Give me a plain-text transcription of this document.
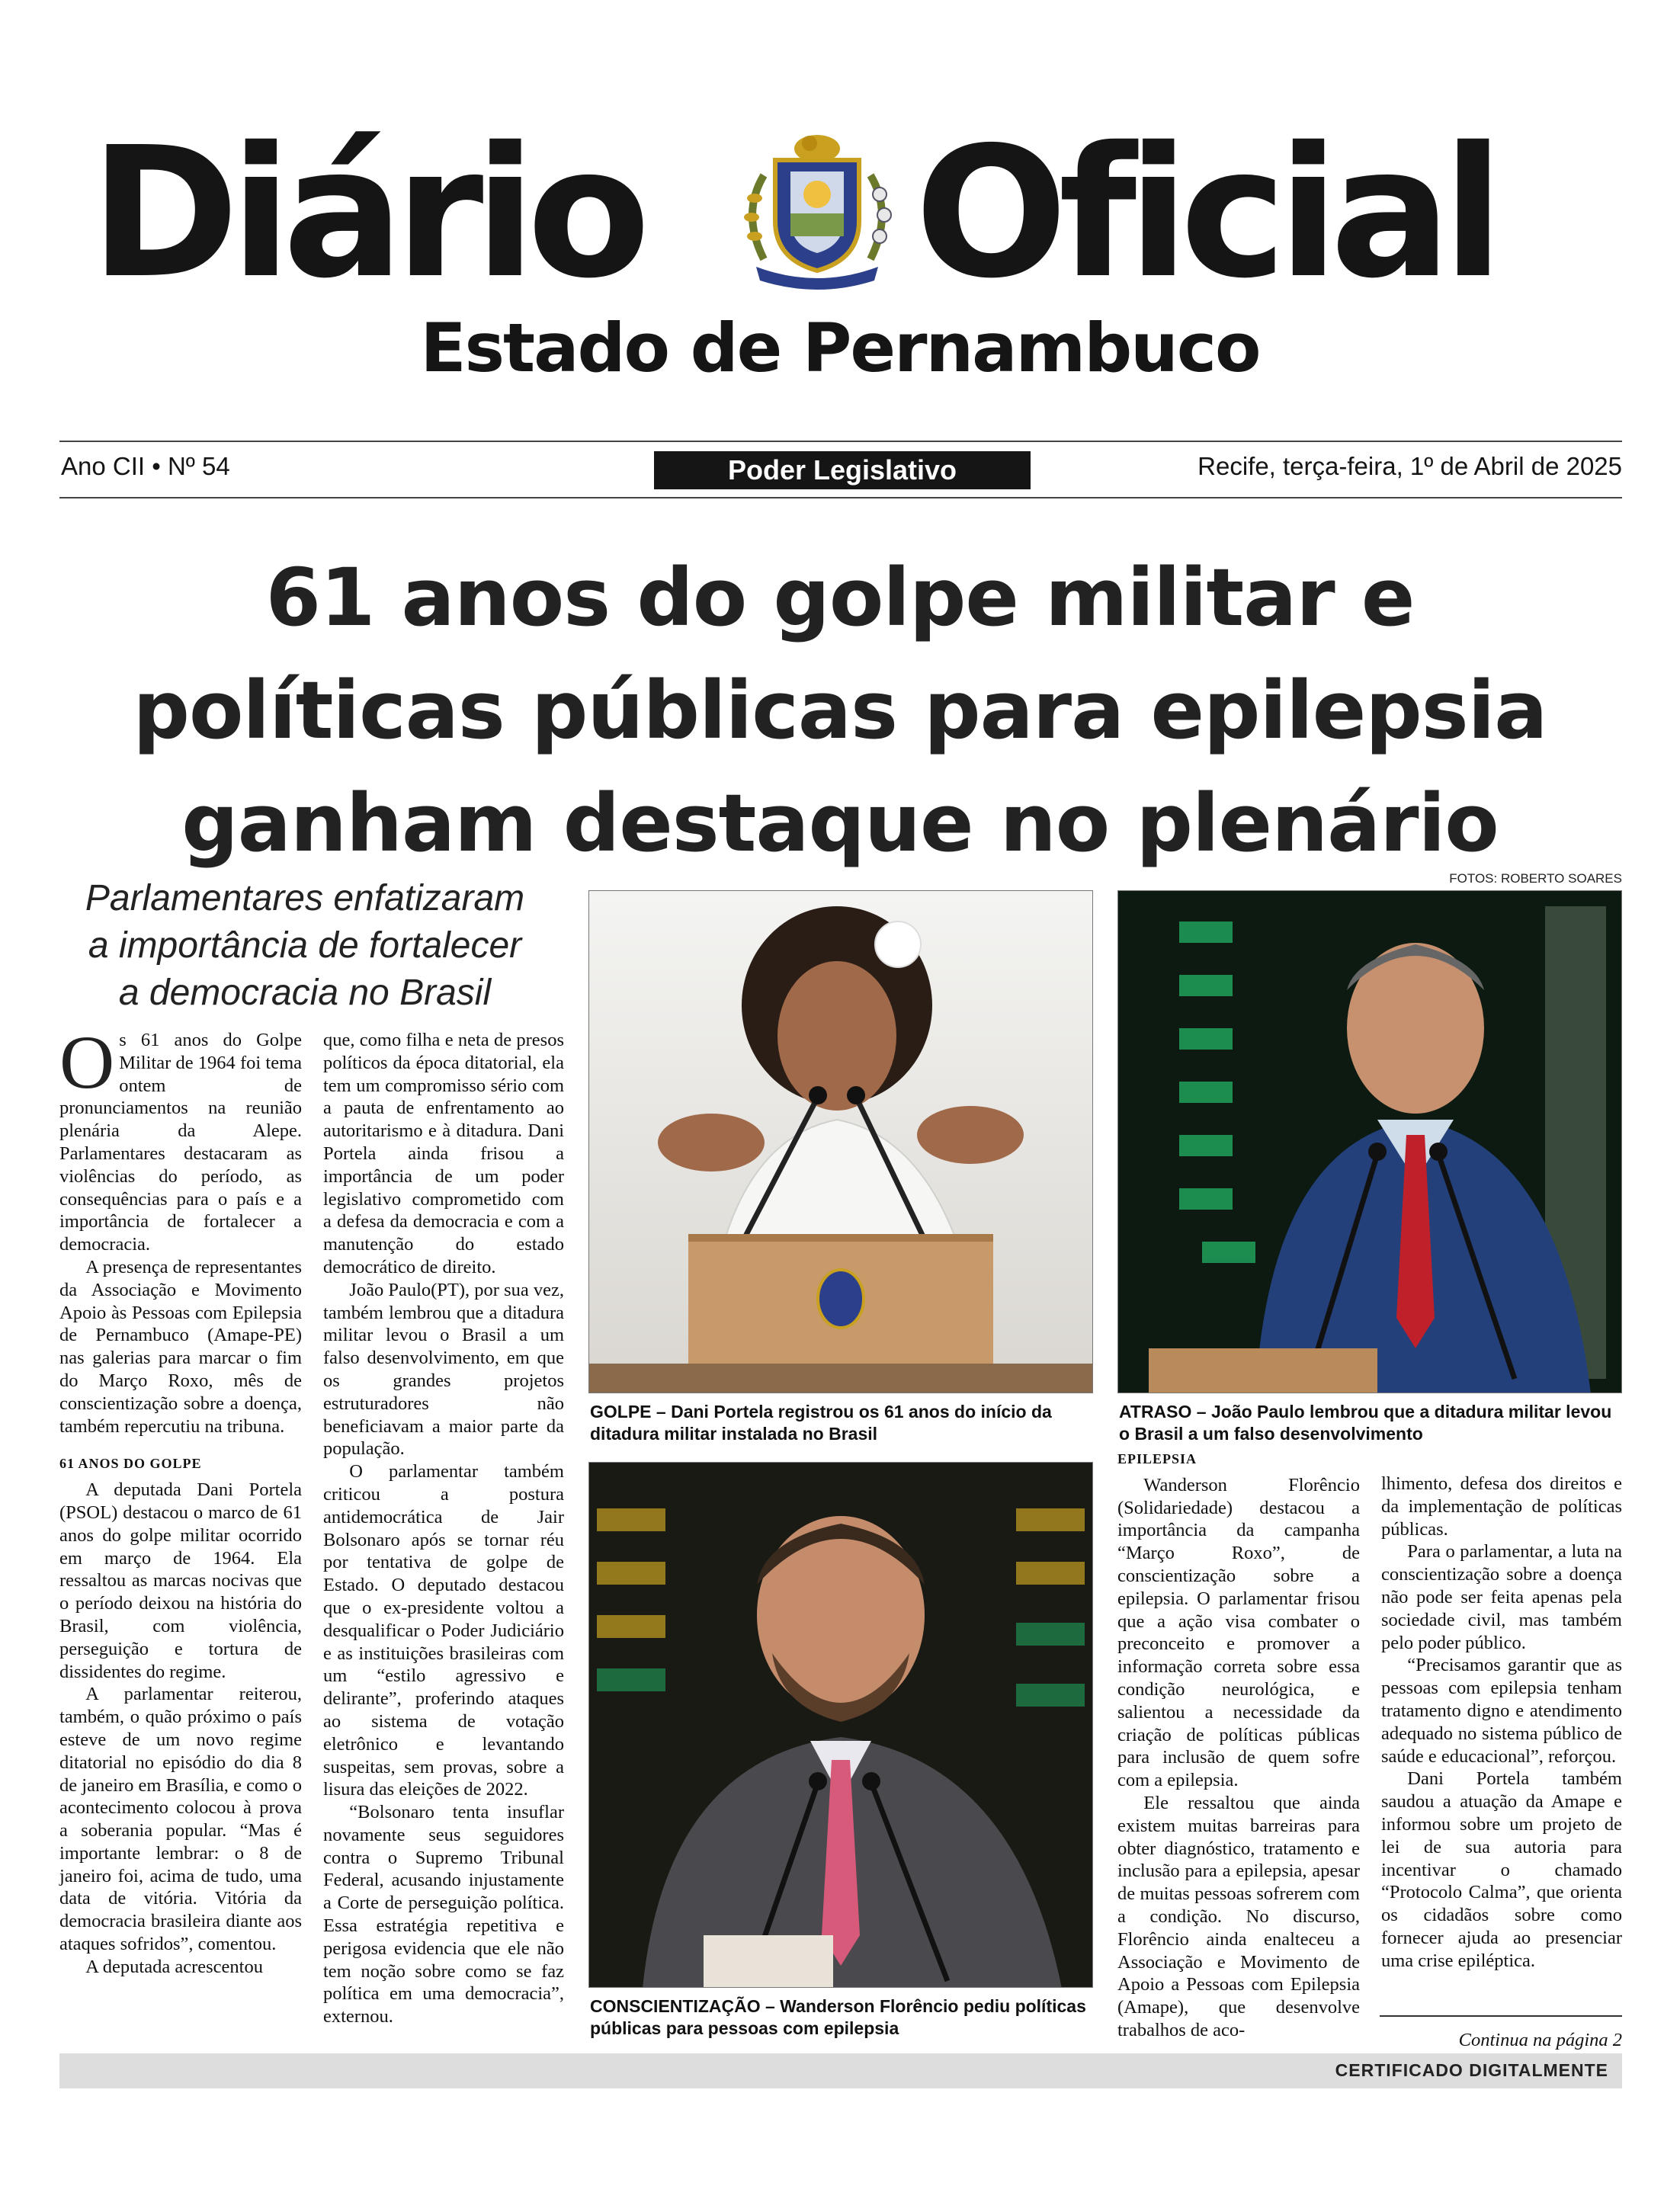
Diário Oficial
Estado de Pernambuco
Ano CII • Nº 54	Poder Legislativo	Recife, terça-feira, 1º de Abril de 2025
61 anos do golpe militar e
políticas públicas para epilepsia
ganham destaque no plenário
FOTOS: ROBERTO SOARES
Parlamentares enfatizaram
a importância de fortalecer
a democracia no Brasil

Os 61 anos do Golpe Militar de 1964 foi tema ontem de pronunciamentos na reunião plenária da Alepe. Parlamentares destacaram as violências do período, as consequências para o país e a importância de fortalecer a democracia.

A presença de representantes da Associação e Movimento Apoio às Pessoas com Epilepsia de Pernambuco (Amape-PE) nas galerias para marcar o fim do Março Roxo, mês de conscientização sobre a doença, também repercutiu na tribuna.

61 ANOS DO GOLPE

A deputada Dani Portela (PSOL) destacou o marco de 61 anos do golpe militar ocorrido em março de 1964. Ela ressaltou as marcas nocivas que o período deixou na história do Brasil, com violência, perseguição e tortura de dissidentes do regime.

A parlamentar reiterou, também, o quão próximo o país esteve de um novo regime ditatorial no episódio do dia 8 de janeiro em Brasília, e como o acontecimento colocou à prova a soberania popular. “Mas é importante lembrar: o 8 de janeiro foi, acima de tudo, uma data de vitória. Vitória da democracia brasileira diante aos ataques sofridos”, comentou.

A deputada acrescentou

que, como filha e neta de presos políticos da época ditatorial, ela tem um compromisso sério com a pauta de enfrentamento ao autoritarismo e à ditadura. Dani Portela ainda frisou a importância de um poder legislativo comprometido com a defesa da democracia e com a manutenção do estado democrático de direito.

João Paulo(PT), por sua vez, também lembrou que a ditadura militar levou o Brasil a um falso desenvolvimento, em que os grandes projetos estruturadores não beneficiavam a maior parte da população.

O parlamentar também criticou a postura antidemocrática de Jair Bolsonaro após se tornar réu por tentativa de golpe de Estado. O deputado destacou que o ex-presidente voltou a desqualificar o Poder Judiciário e as instituições brasileiras com um “estilo agressivo e delirante”, proferindo ataques ao sistema de votação eletrônico e levantando suspeitas, sem provas, sobre a lisura das eleições de 2022.

“Bolsonaro tenta insuflar novamente seus seguidores contra o Supremo Tribunal Federal, acusando injustamente a Corte de perseguição política. Essa estratégia repetitiva e perigosa evidencia que ele não tem noção sobre como se faz política em uma democracia”, externou.

GOLPE – Dani Portela registrou os 61 anos do início da ditadura militar instalada no Brasil
ATRASO – João Paulo lembrou que a ditadura militar levou o Brasil a um falso desenvolvimento
CONSCIENTIZAÇÃO – Wanderson Florêncio pediu políticas públicas para pessoas com epilepsia
EPILEPSIA

Wanderson Florêncio (Solidariedade) destacou a importância da campanha “Março Roxo”, de conscientização sobre a epilepsia. O parlamentar frisou que a ação visa combater o preconceito e promover a informação correta sobre essa condição neurológica, e salientou a necessidade da criação de políticas públicas para inclusão de quem sofre com a epilepsia.

Ele ressaltou que ainda existem muitas barreiras para obter diagnóstico, tratamento e inclusão para a epilepsia, apesar de muitas pessoas sofrerem com a condição. No discurso, Florêncio ainda enalteceu a Associação e Movimento de Apoio a Pessoas com Epilepsia (Amape), que desenvolve trabalhos de aco-

lhimento, defesa dos direitos e da implementação de políticas públicas.

Para o parlamentar, a luta na conscientização sobre a doença não pode ser feita apenas pela sociedade civil, mas também pelo poder público.

“Precisamos garantir que as pessoas com epilepsia tenham tratamento digno e atendimento adequado no sistema público de saúde e educacional”, reforçou.

Dani Portela também saudou a atuação da Amape e informou sobre um projeto de lei de sua autoria para incentivar o chamado “Protocolo Calma”, que orienta os cidadãos sobre como fornecer ajuda ao presenciar uma crise epiléptica.

Continua na página 2
CERTIFICADO DIGITALMENTE
